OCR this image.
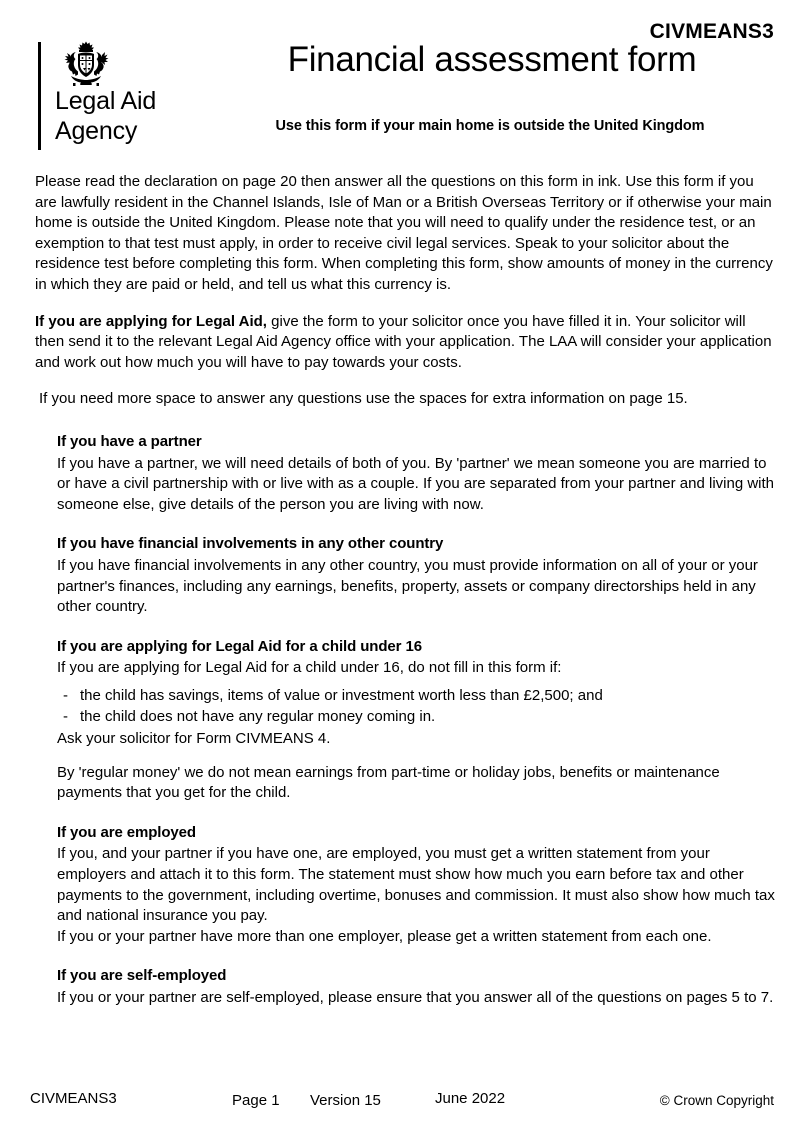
CIVMEANS3
Legal Aid
Agency
Financial assessment form

Use this form if your main home is outside the United Kingdom

Please read the declaration on page 20 then answer all the questions on this form in ink. Use this form if you are lawfully resident in the Channel Islands, Isle of Man or a British Overseas Territory or if otherwise your main home is outside the United Kingdom. Please note that you will need to qualify under the residence test, or an exemption to that test must apply, in order to receive civil legal services. Speak to your solicitor about the residence test before completing this form. When completing this form, show amounts of money in the currency in which they are paid or held, and tell us what this currency is.

If you are applying for Legal Aid, give the form to your solicitor once you have filled it in. Your solicitor will then send it to the relevant Legal Aid Agency office with your application. The LAA will consider your application and work out how much you will have to pay towards your costs.

If you need more space to answer any questions use the spaces for extra information on page 15.

If you have a partner

If you have a partner, we will need details of both of you. By 'partner' we mean someone you are married to or have a civil partnership with or live with as a couple. If you are separated from your partner and living with someone else, give details of the person you are living with now.

If you have financial involvements in any other country

If you have financial involvements in any other country, you must provide information on all of your or your partner's finances, including any earnings, benefits, property, assets or company directorships held in any other country.

If you are applying for Legal Aid for a child under 16

If you are applying for Legal Aid for a child under 16, do not fill in this form if:

- the child has savings, items of value or investment worth less than £2,500; and
- the child does not have any regular money coming in.

Ask your solicitor for Form CIVMEANS 4.

By 'regular money' we do not mean earnings from part-time or holiday jobs, benefits or maintenance payments that you get for the child.

If you are employed

If you, and your partner if you have one, are employed, you must get a written statement from your employers and attach it to this form. The statement must show how much you earn before tax and other payments to the government, including overtime, bonuses and commission. It must also show how much tax and national insurance you pay.

If you or your partner have more than one employer, please get a written statement from each one.

If you are self-employed

If you or your partner are self-employed, please ensure that you answer all of the questions on pages 5 to 7.

CIVMEANS3	Page 1 Version 15	June 2022	© Crown Copyright
